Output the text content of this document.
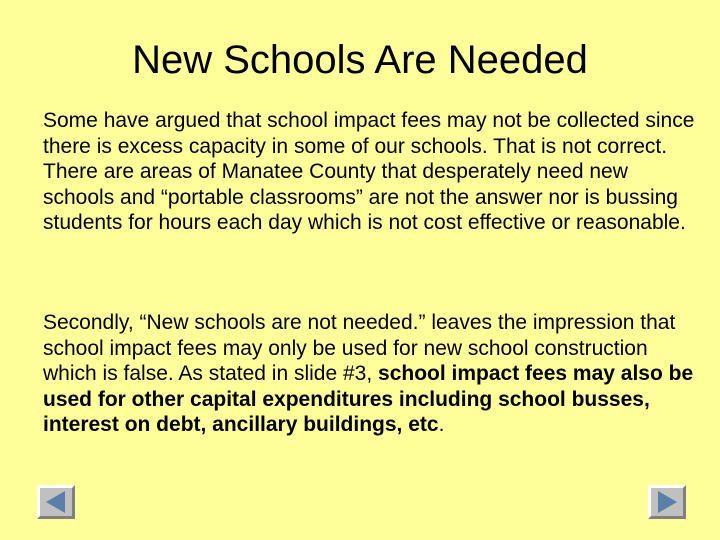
New Schools Are Needed

Some have argued that school impact fees may not be collected since there is excess capacity in some of our schools. That is not correct. There are areas of Manatee County that desperately need new schools and “portable classrooms” are not the answer nor is bussing students for hours each day which is not cost effective or reasonable.

Secondly, “New schools are not needed.” leaves the impression that school impact fees may only be used for new school construction which is false. As stated in slide #3, school impact fees may also be used for other capital expenditures including school busses, interest on debt, ancillary buildings, etc.
